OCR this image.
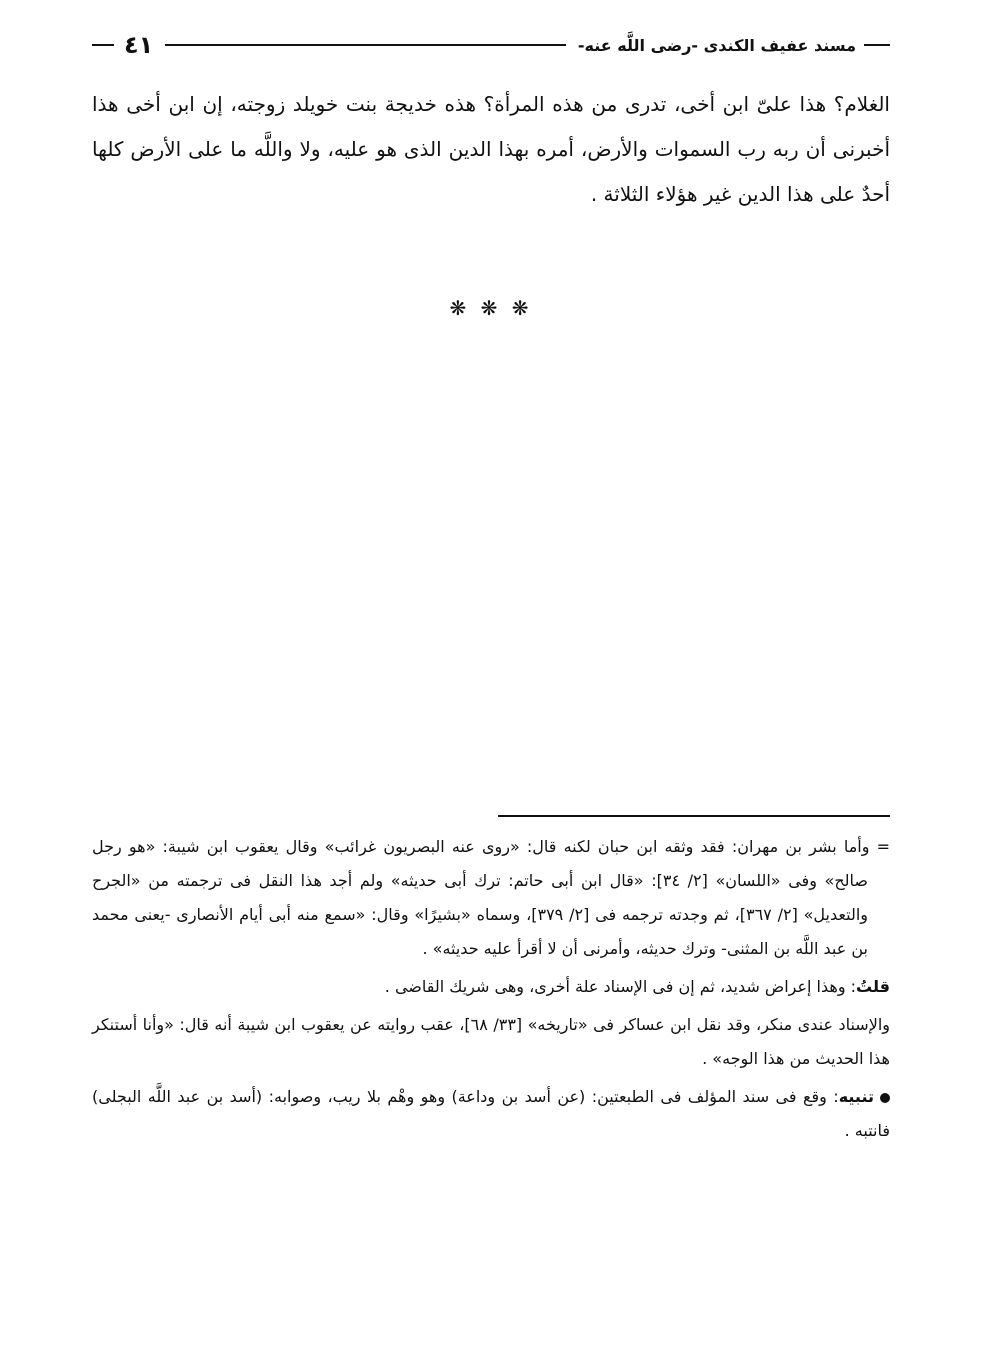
مسند عفيف الكندى -رضى اللَّه عنه-
٤١

الغلام؟ هذا علىّ ابن أخى، تدرى من هذه المرأة؟ هذه خديجة بنت خويلد زوجته، إن ابن أخى هذا أخبرنى أن ربه رب السموات والأرض، أمره بهذا الدين الذى هو عليه، ولا واللَّه ما على الأرض كلها أحدٌ على هذا الدين غير هؤلاء الثلاثة .

❋ ❋ ❋

= وأما بشر بن مهران: فقد وثقه ابن حبان لكنه قال: «روى عنه البصريون غرائب» وقال يعقوب ابن شيبة: «هو رجل صالح» وفى «اللسان» [٢/ ٣٤]: «قال ابن أبى حاتم: ترك أبى حديثه» ولم أجد هذا النقل فى ترجمته من «الجرح والتعديل» [٢/ ٣٦٧]، ثم وجدته ترجمه فى [٢/ ٣٧٩]، وسماه «بشيرًا» وقال: «سمع منه أبى أيام الأنصارى -يعنى محمد بن عبد اللَّه بن المثنى- وترك حديثه، وأمرنى أن لا أقرأ عليه حديثه» .

قلتُ: وهذا إعراض شديد، ثم إن فى الإسناد علة أخرى، وهى شريك القاضى .

والإسناد عندى منكر، وقد نقل ابن عساكر فى «تاريخه» [٣٣/ ٦٨]، عقب روايته عن يعقوب ابن شيبة أنه قال: «وأنا أستنكر هذا الحديث من هذا الوجه» .

تنبيه: وقع فى سند المؤلف فى الطبعتين: (عن أسد بن وداعة) وهو وهْم بلا ريب، وصوابه: (أسد بن عبد اللَّه البجلى) فانتبه .
